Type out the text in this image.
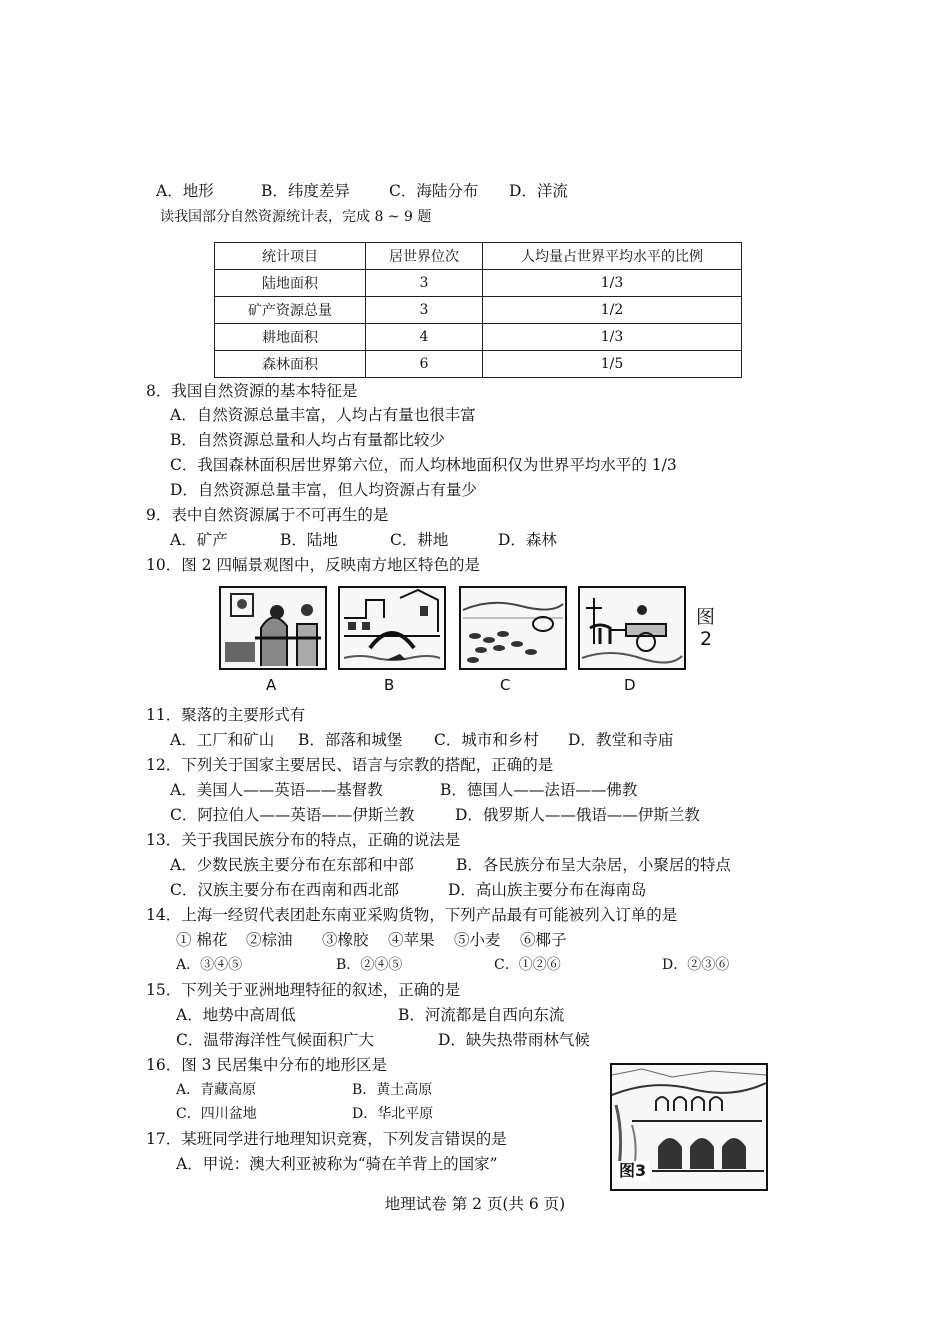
A．地形	B．纬度差异	C．海陆分布 D．洋流
读我国部分自然资源统计表，完成 8 ~ 9 题
统计项目	居世界位次	人均量占世界平均水平的比例
陆地面积	3	1/3
矿产资源总量	3	1/2
耕地面积	4	1/3
森林面积	6	1/5
8．我国自然资源的基本特征是
A．自然资源总量丰富，人均占有量也很丰富
B．自然资源总量和人均占有量都比较少
C．我国森林面积居世界第六位，而人均林地面积仅为世界平均水平的 1/3
D．自然资源总量丰富，但人均资源占有量少
9．表中自然资源属于不可再生的是
A．矿产	B．陆地	C．耕地	D．森林
10．图 2 四幅景观图中，反映南方地区特色的是
图
2
A	B	C	D
11．聚落的主要形式有
A．工厂和矿山 B．部落和城堡 C．城市和乡村 D．教堂和寺庙
12．下列关于国家主要居民、语言与宗教的搭配，正确的是
A．美国人——英语——基督教	B．德国人——法语——佛教
C．阿拉伯人——英语——伊斯兰教	D．俄罗斯人——俄语——伊斯兰教
13．关于我国民族分布的特点，正确的说法是
A．少数民族主要分布在东部和中部	B．各民族分布呈大杂居，小聚居的特点
C．汉族主要分布在西南和西北部	D．高山族主要分布在海南岛
14．上海一经贸代表团赴东南亚采购货物，下列产品最有可能被列入订单的是
① 棉花 ②棕油 ③橡胶 ④苹果 ⑤小麦 ⑥椰子
A．③④⑤	B．②④⑤	C．①②⑥	D．②③⑥
15．下列关于亚洲地理特征的叙述，正确的是
A．地势中高周低	B．河流都是自西向东流
C．温带海洋性气候面积广大	D．缺失热带雨林气候
16．图 3 民居集中分布的地形区是
A．青藏高原	B．黄土高原
C．四川盆地	D．华北平原
图3
17．某班同学进行地理知识竞赛，下列发言错误的是
A．甲说：澳大利亚被称为“骑在羊背上的国家”
地理试卷 第 2 页(共 6 页)
